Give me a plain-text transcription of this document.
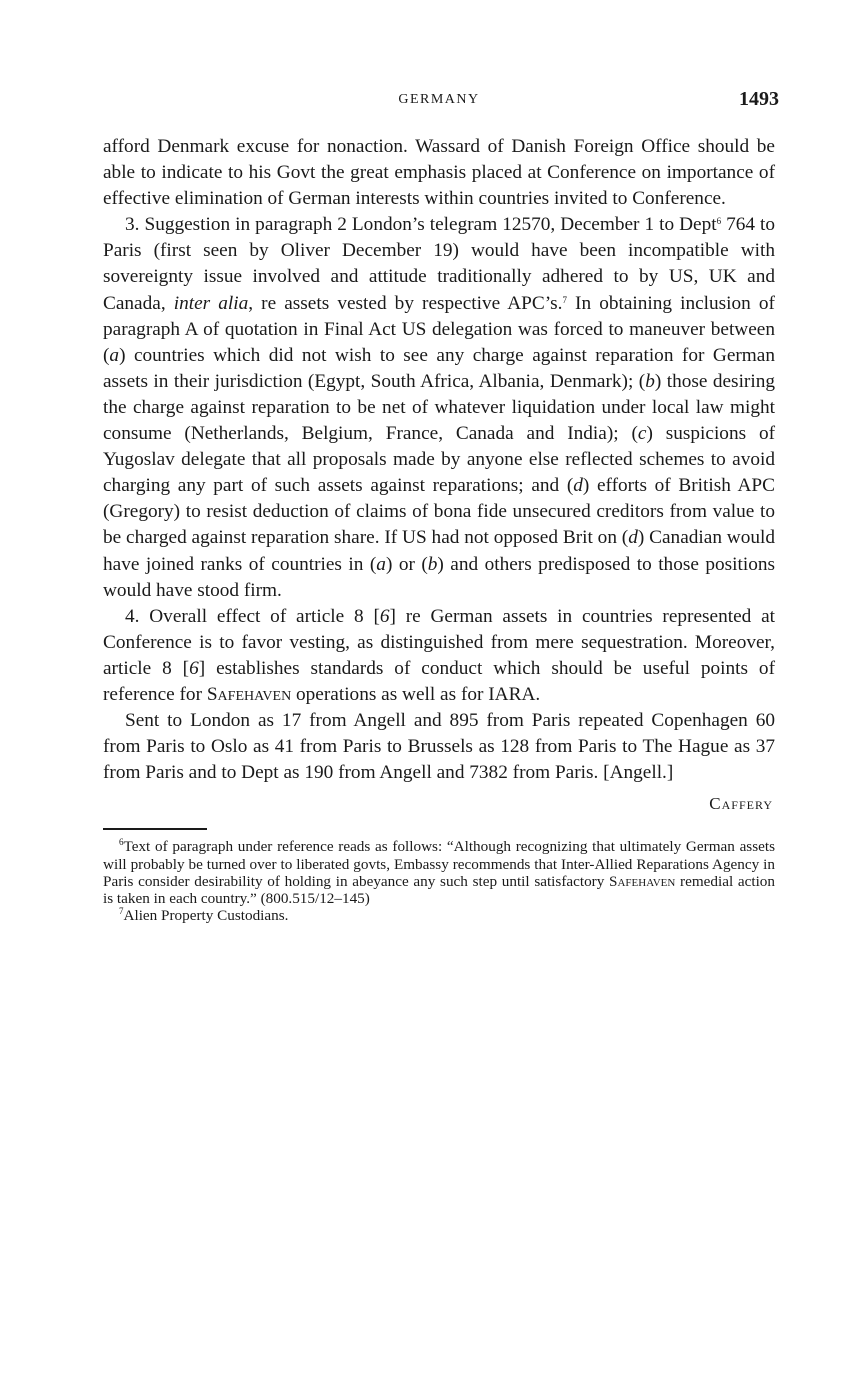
GERMANY	1493

afford Denmark excuse for nonaction. Wassard of Danish Foreign Office should be able to indicate to his Govt the great emphasis placed at Conference on importance of effective elimination of German interests within countries invited to Conference.

3. Suggestion in paragraph 2 London’s telegram 12570, December 1 to Dept$^6$ 764 to Paris (first seen by Oliver December 19) would have been incompatible with sovereignty issue involved and attitude traditionally adhered to by US, UK and Canada, inter alia, re assets vested by respective APC’s.$^7$ In obtaining inclusion of paragraph A of quotation in Final Act US delegation was forced to maneuver between (a) countries which did not wish to see any charge against reparation for German assets in their jurisdiction (Egypt, South Africa, Albania, Denmark); (b) those desiring the charge against reparation to be net of whatever liquidation under local law might consume (Netherlands, Belgium, France, Canada and India); (c) suspicions of Yugoslav delegate that all proposals made by anyone else reflected schemes to avoid charging any part of such assets against reparations; and (d) efforts of British APC (Gregory) to resist deduction of claims of bona fide unsecured creditors from value to be charged against reparation share. If US had not opposed Brit on (d) Canadian would have joined ranks of countries in (a) or (b) and others predisposed to those positions would have stood firm.

4. Overall effect of article 8 [6] re German assets in countries represented at Conference is to favor vesting, as distinguished from mere sequestration. Moreover, article 8 [6] establishes standards of conduct which should be useful points of reference for Safehaven operations as well as for IARA.

Sent to London as 17 from Angell and 895 from Paris repeated Copenhagen 60 from Paris to Oslo as 41 from Paris to Brussels as 128 from Paris to The Hague as 37 from Paris and to Dept as 190 from Angell and 7382 from Paris. [Angell.]

Caffery

$^6$Text of paragraph under reference reads as follows: “Although recognizing that ultimately German assets will probably be turned over to liberated govts, Embassy recommends that Inter-Allied Reparations Agency in Paris consider desirability of holding in abeyance any such step until satisfactory Safehaven remedial action is taken in each country.” (800.515/12–145)

$^7$Alien Property Custodians.
